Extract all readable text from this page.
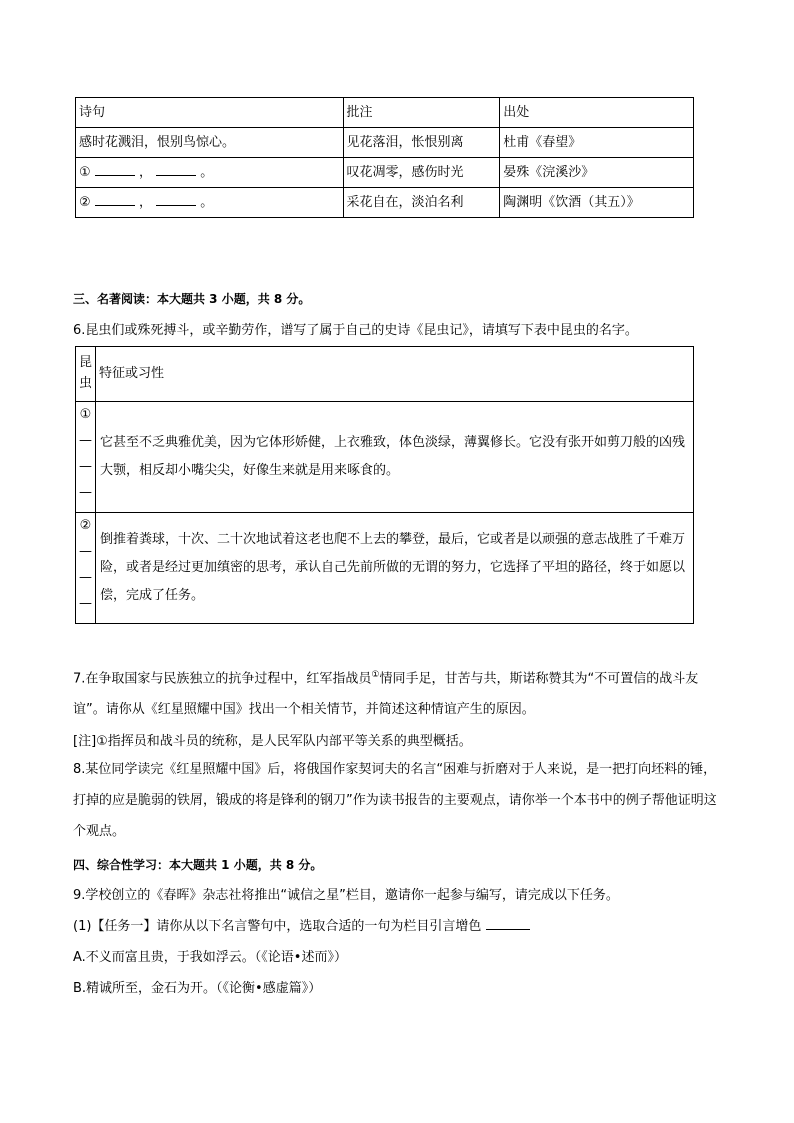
诗句	批注	出处
感时花溅泪，恨别鸟惊心。	见花落泪，怅恨别离	杜甫《春望》
① ， 。	叹花凋零，感伤时光	晏殊《浣溪沙》
② ， 。	采花自在，淡泊名利	陶渊明《饮酒（其五）》
三、名著阅读：本大题共 3 小题，共 8 分。
6.昆虫们或殊死搏斗，或辛勤劳作，谱写了属于自己的史诗《昆虫记》，请填写下表中昆虫的名字。
昆
虫	特征或习性

①
—
—
—	它甚至不乏典雅优美，因为它体形娇健，上衣雅致，体色淡绿，薄翼修长。它没有张开如剪刀般的凶残大颚，相反却小嘴尖尖，好像生来就是用来啄食的。

②
—
—
—	倒推着粪球，十次、二十次地试着这老也爬不上去的攀登，最后，它或者是以顽强的意志战胜了千难万险，或者是经过更加缜密的思考，承认自己先前所做的无谓的努力，它选择了平坦的路径，终于如愿以偿，完成了任务。
7.在争取国家与民族独立的抗争过程中，红军指战员①情同手足，甘苦与共，斯诺称赞其为“不可置信的战斗友谊”。请你从《红星照耀中国》找出一个相关情节，并简述这种情谊产生的原因。
[注]①指挥员和战斗员的统称，是人民军队内部平等关系的典型概括。
8.某位同学读完《红星照耀中国》后，将俄国作家契诃夫的名言“困难与折磨对于人来说，是一把打向坯料的锤，打掉的应是脆弱的铁屑，锻成的将是锋利的钢刀”作为读书报告的主要观点，请你举一个本书中的例子帮他证明这个观点。
四、综合性学习：本大题共 1 小题，共 8 分。
9.学校创立的《春晖》杂志社将推出“诚信之星”栏目，邀请你一起参与编写，请完成以下任务。
(1)【任务一】请你从以下名言警句中，选取合适的一句为栏目引言增色
A.不义而富且贵，于我如浮云。（《论语•述而》）
B.精诚所至，金石为开。（《论衡•感虚篇》）
